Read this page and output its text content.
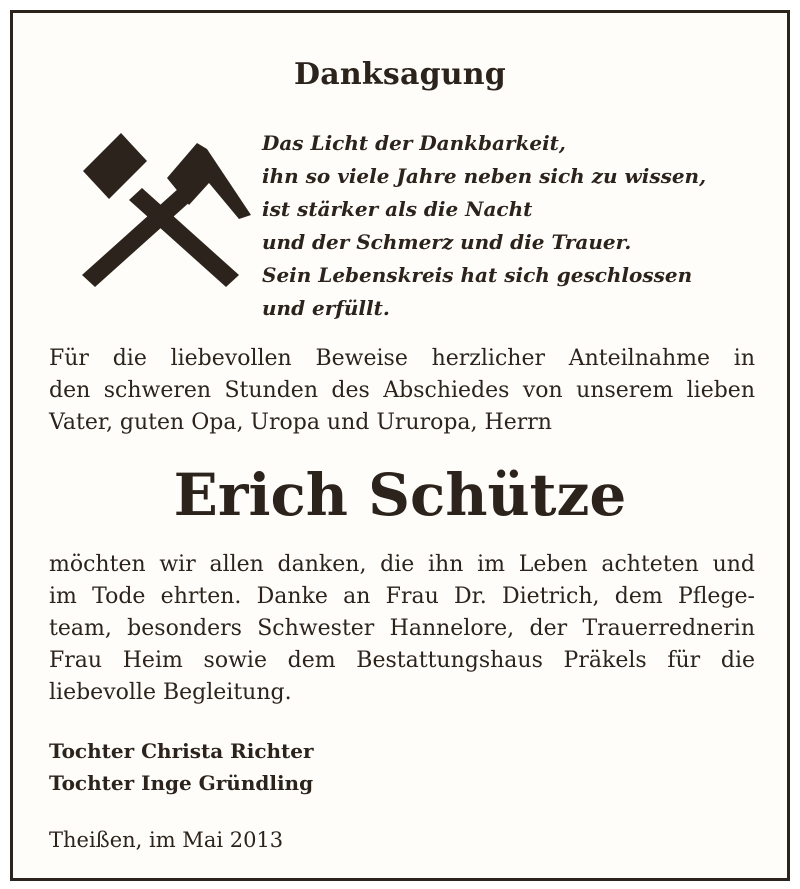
Danksagung
Das Licht der Dankbarkeit,
ihn so viele Jahre neben sich zu wissen,
ist stärker als die Nacht
und der Schmerz und die Trauer.
Sein Lebenskreis hat sich geschlossen
und erfüllt.
Für die liebevollen Beweise herzlicher Anteilnahme in
den schweren Stunden des Abschiedes von unserem lieben
Vater, guten Opa, Uropa und Ururopa, Herrn
Erich Schütze
möchten wir allen danken, die ihn im Leben achteten und
im Tode ehrten. Danke an Frau Dr. Dietrich, dem Pflege-
team, besonders Schwester Hannelore, der Trauerrednerin
Frau Heim sowie dem Bestattungshaus Präkels für die
liebevolle Begleitung.
Tochter Christa Richter
Tochter Inge Gründling
Theißen, im Mai 2013
